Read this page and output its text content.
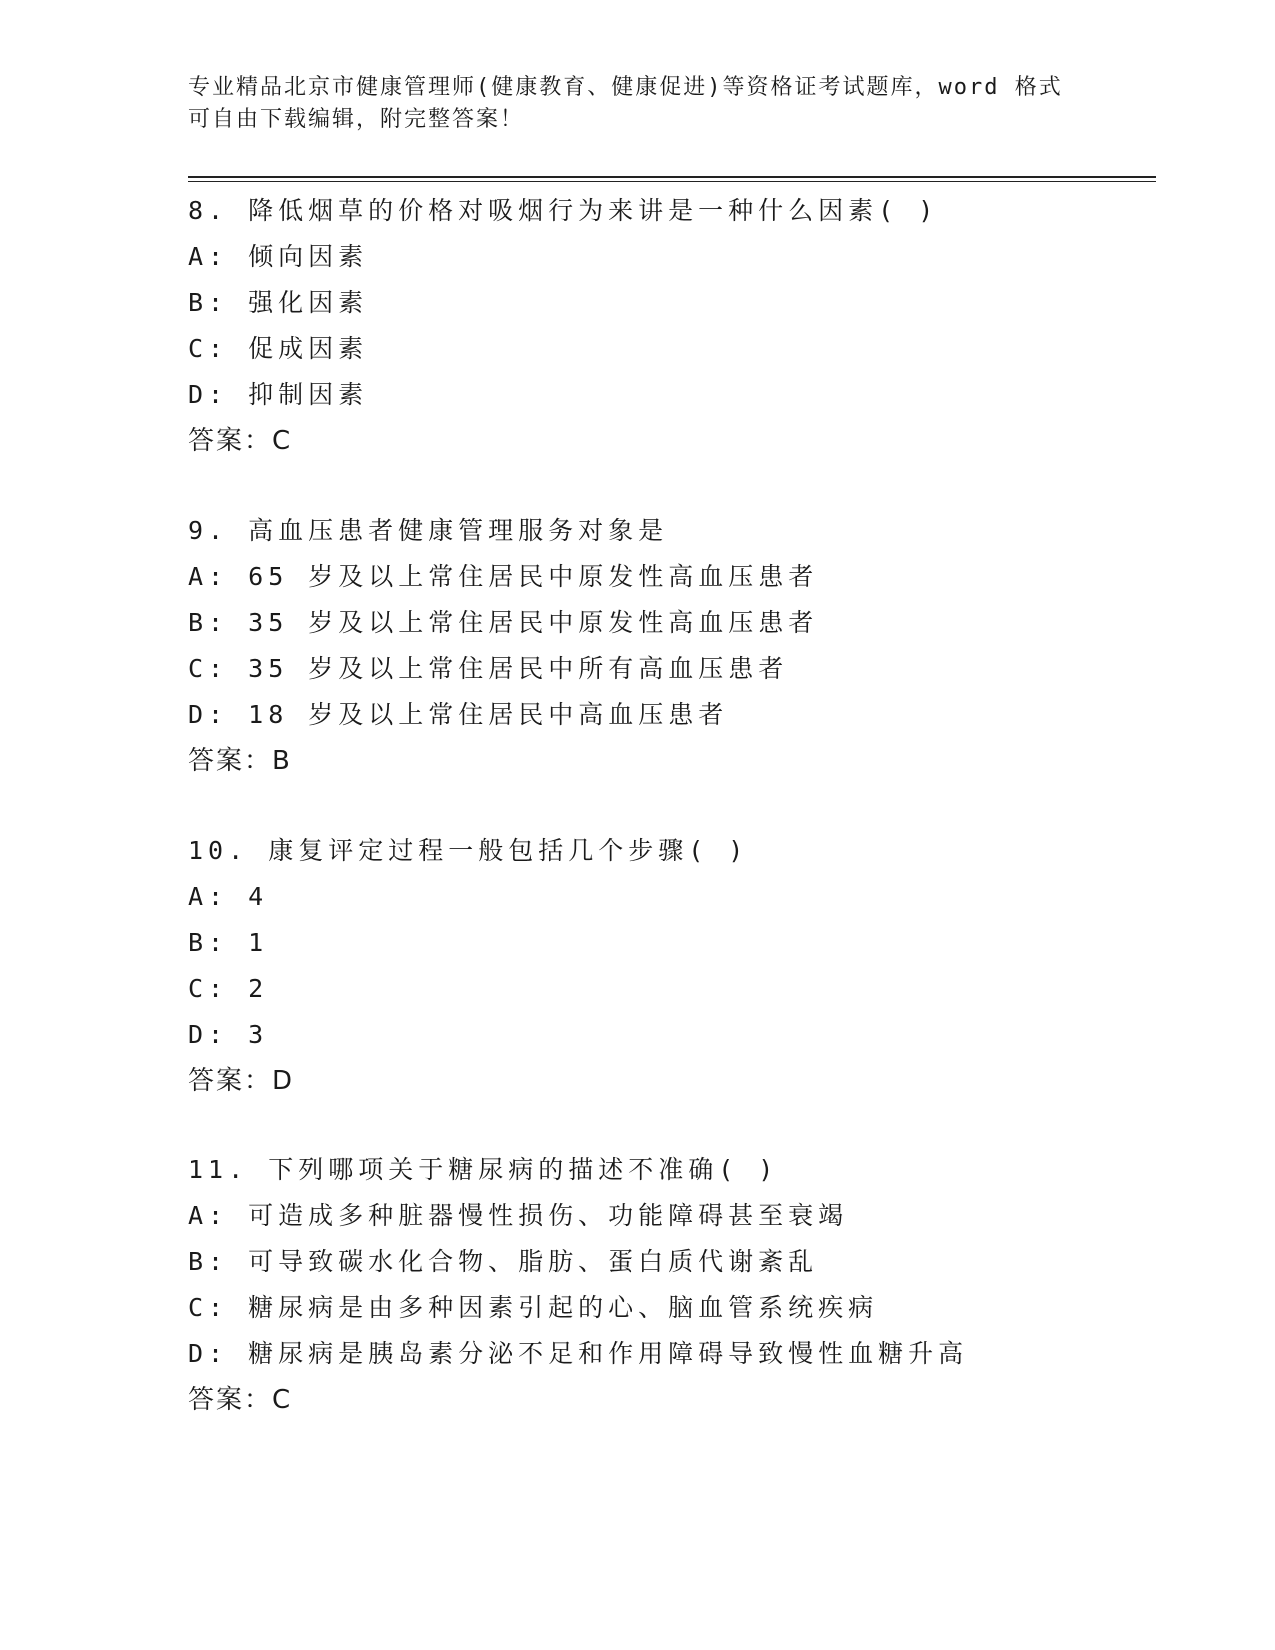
专业精品北京市健康管理师(健康教育、健康促进)等资格证考试题库，word 格式
可自由下载编辑，附完整答案！
8. 降低烟草的价格对吸烟行为来讲是一种什么因素( )
A: 倾向因素
B: 强化因素
C: 促成因素
D: 抑制因素
答案：C
9. 高血压患者健康管理服务对象是
A: 65 岁及以上常住居民中原发性高血压患者
B: 35 岁及以上常住居民中原发性高血压患者
C: 35 岁及以上常住居民中所有高血压患者
D: 18 岁及以上常住居民中高血压患者
答案：B
10. 康复评定过程一般包括几个步骤( )
A: 4
B: 1
C: 2
D: 3
答案：D
11. 下列哪项关于糖尿病的描述不准确( )
A: 可造成多种脏器慢性损伤、功能障碍甚至衰竭
B: 可导致碳水化合物、脂肪、蛋白质代谢紊乱
C: 糖尿病是由多种因素引起的心、脑血管系统疾病
D: 糖尿病是胰岛素分泌不足和作用障碍导致慢性血糖升高
答案：C
